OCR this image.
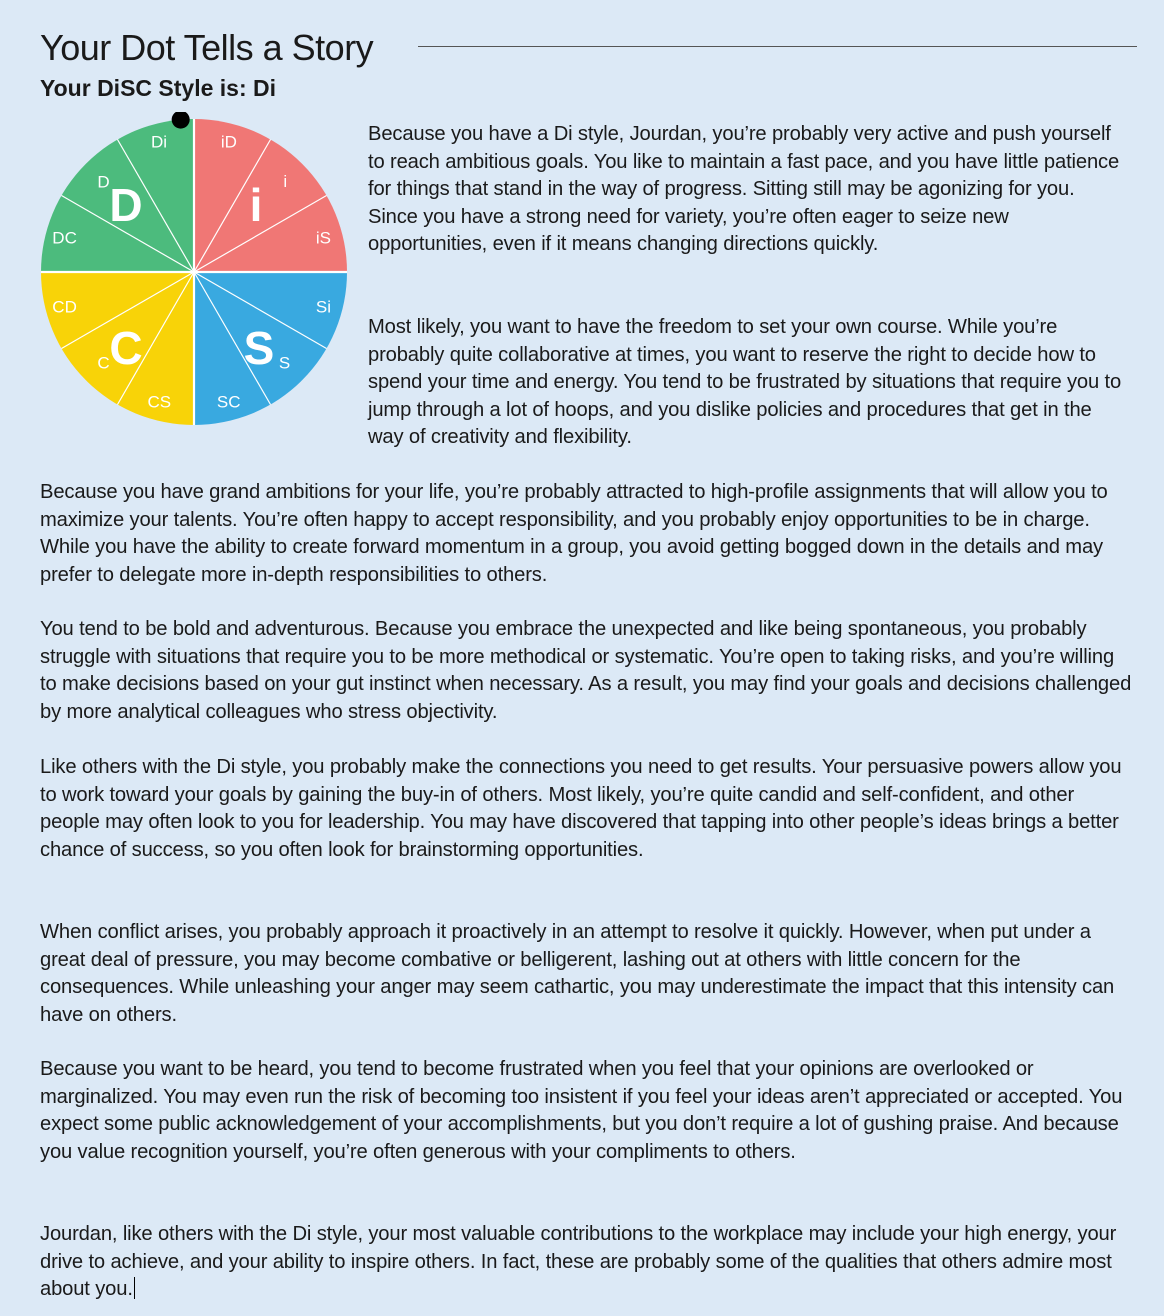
Your Dot Tells a Story
Your DiSC Style is: Di
Di	iD
i
iS
Si
S
SC
CS
C
CD
DC
D D i
S
C

Because you have a Di style, Jourdan, you’re probably very active and push yourself to reach ambitious goals. You like to maintain a fast pace, and you have little patience for things that stand in the way of progress. Sitting still may be agonizing for you. Since you have a strong need for variety, you’re often eager to seize new opportunities, even if it means changing directions quickly.

Most likely, you want to have the freedom to set your own course. While you’re probably quite collaborative at times, you want to reserve the right to decide how to spend your time and energy. You tend to be frustrated by situations that require you to jump through a lot of hoops, and you dislike policies and procedures that get in the way of creativity and flexibility.

Because you have grand ambitions for your life, you’re probably attracted to high-profile assignments that will allow you to maximize your talents. You’re often happy to accept responsibility, and you probably enjoy opportunities to be in charge. While you have the ability to create forward momentum in a group, you avoid getting bogged down in the details and may prefer to delegate more in-depth responsibilities to others.

You tend to be bold and adventurous. Because you embrace the unexpected and like being spontaneous, you probably struggle with situations that require you to be more methodical or systematic. You’re open to taking risks, and you’re willing to make decisions based on your gut instinct when necessary. As a result, you may find your goals and decisions challenged by more analytical colleagues who stress objectivity.

Like others with the Di style, you probably make the connections you need to get results. Your persuasive powers allow you to work toward your goals by gaining the buy-in of others. Most likely, you’re quite candid and self-confident, and other people may often look to you for leadership. You may have discovered that tapping into other people’s ideas brings a better chance of success, so you often look for brainstorming opportunities.

When conflict arises, you probably approach it proactively in an attempt to resolve it quickly. However, when put under a great deal of pressure, you may become combative or belligerent, lashing out at others with little concern for the consequences. While unleashing your anger may seem cathartic, you may underestimate the impact that this intensity can have on others.

Because you want to be heard, you tend to become frustrated when you feel that your opinions are overlooked or marginalized. You may even run the risk of becoming too insistent if you feel your ideas aren’t appreciated or accepted. You expect some public acknowledgement of your accomplishments, but you don’t require a lot of gushing praise. And because you value recognition yourself, you’re often generous with your compliments to others.

Jourdan, like others with the Di style, your most valuable contributions to the workplace may include your high energy, your drive to achieve, and your ability to inspire others. In fact, these are probably some of the qualities that others admire most about you.
